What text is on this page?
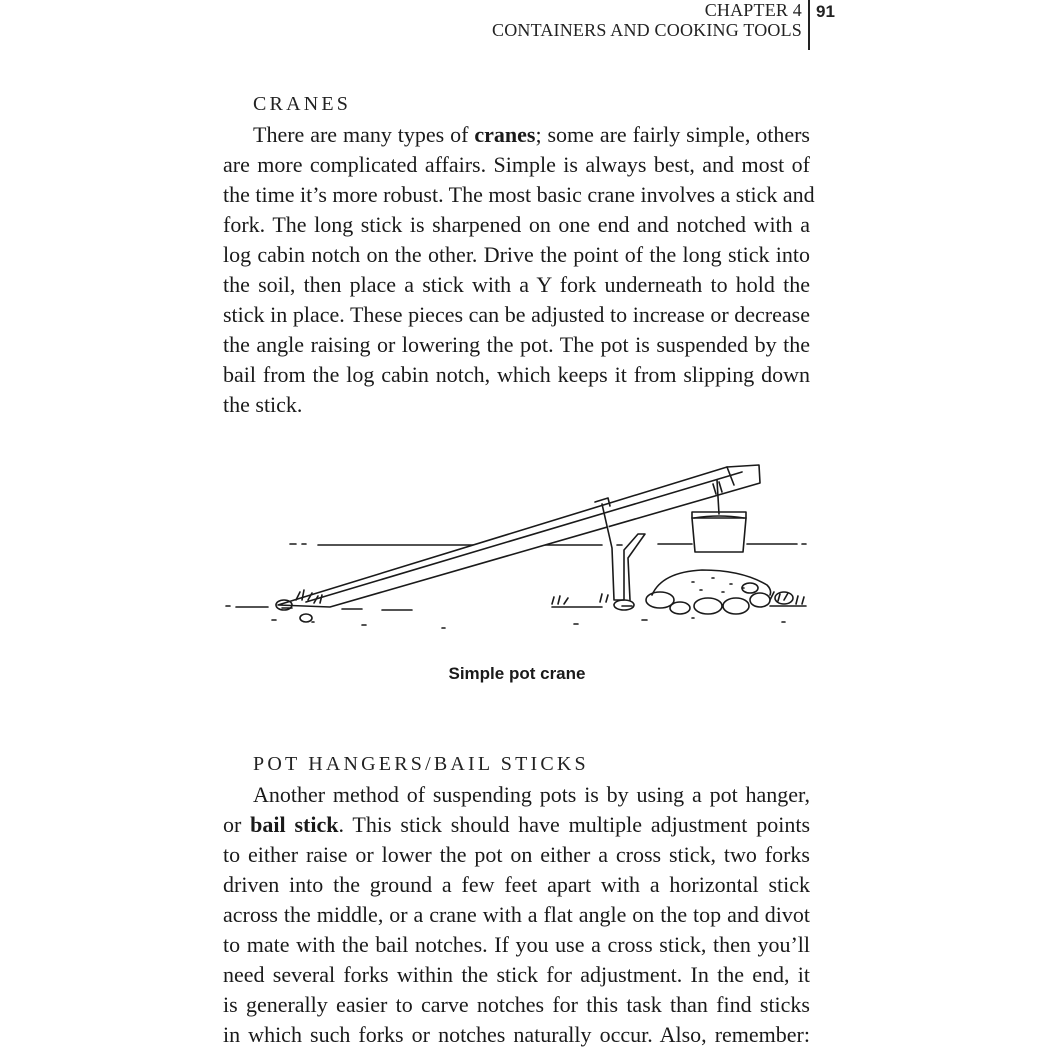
CHAPTER 4
CONTAINERS AND COOKING TOOLS
91
CRANES
There are many types of cranes; some are fairly simple, others
are more complicated affairs. Simple is always best, and most of
the time it’s more robust. The most basic crane involves a stick and
fork. The long stick is sharpened on one end and notched with a
log cabin notch on the other. Drive the point of the long stick into
the soil, then place a stick with a Y fork underneath to hold the
stick in place. These pieces can be adjusted to increase or decrease
the angle raising or lowering the pot. The pot is suspended by the
bail from the log cabin notch, which keeps it from slipping down
the stick.
Simple pot crane
POT HANGERS/BAIL STICKS
Another method of suspending pots is by using a pot hanger,
or bail stick. This stick should have multiple adjustment points
to either raise or lower the pot on either a cross stick, two forks
driven into the ground a few feet apart with a horizontal stick
across the middle, or a crane with a flat angle on the top and divot
to mate with the bail notches. If you use a cross stick, then you’ll
need several forks within the stick for adjustment. In the end, it
is generally easier to carve notches for this task than find sticks
in which such forks or notches naturally occur. Also, remember:
